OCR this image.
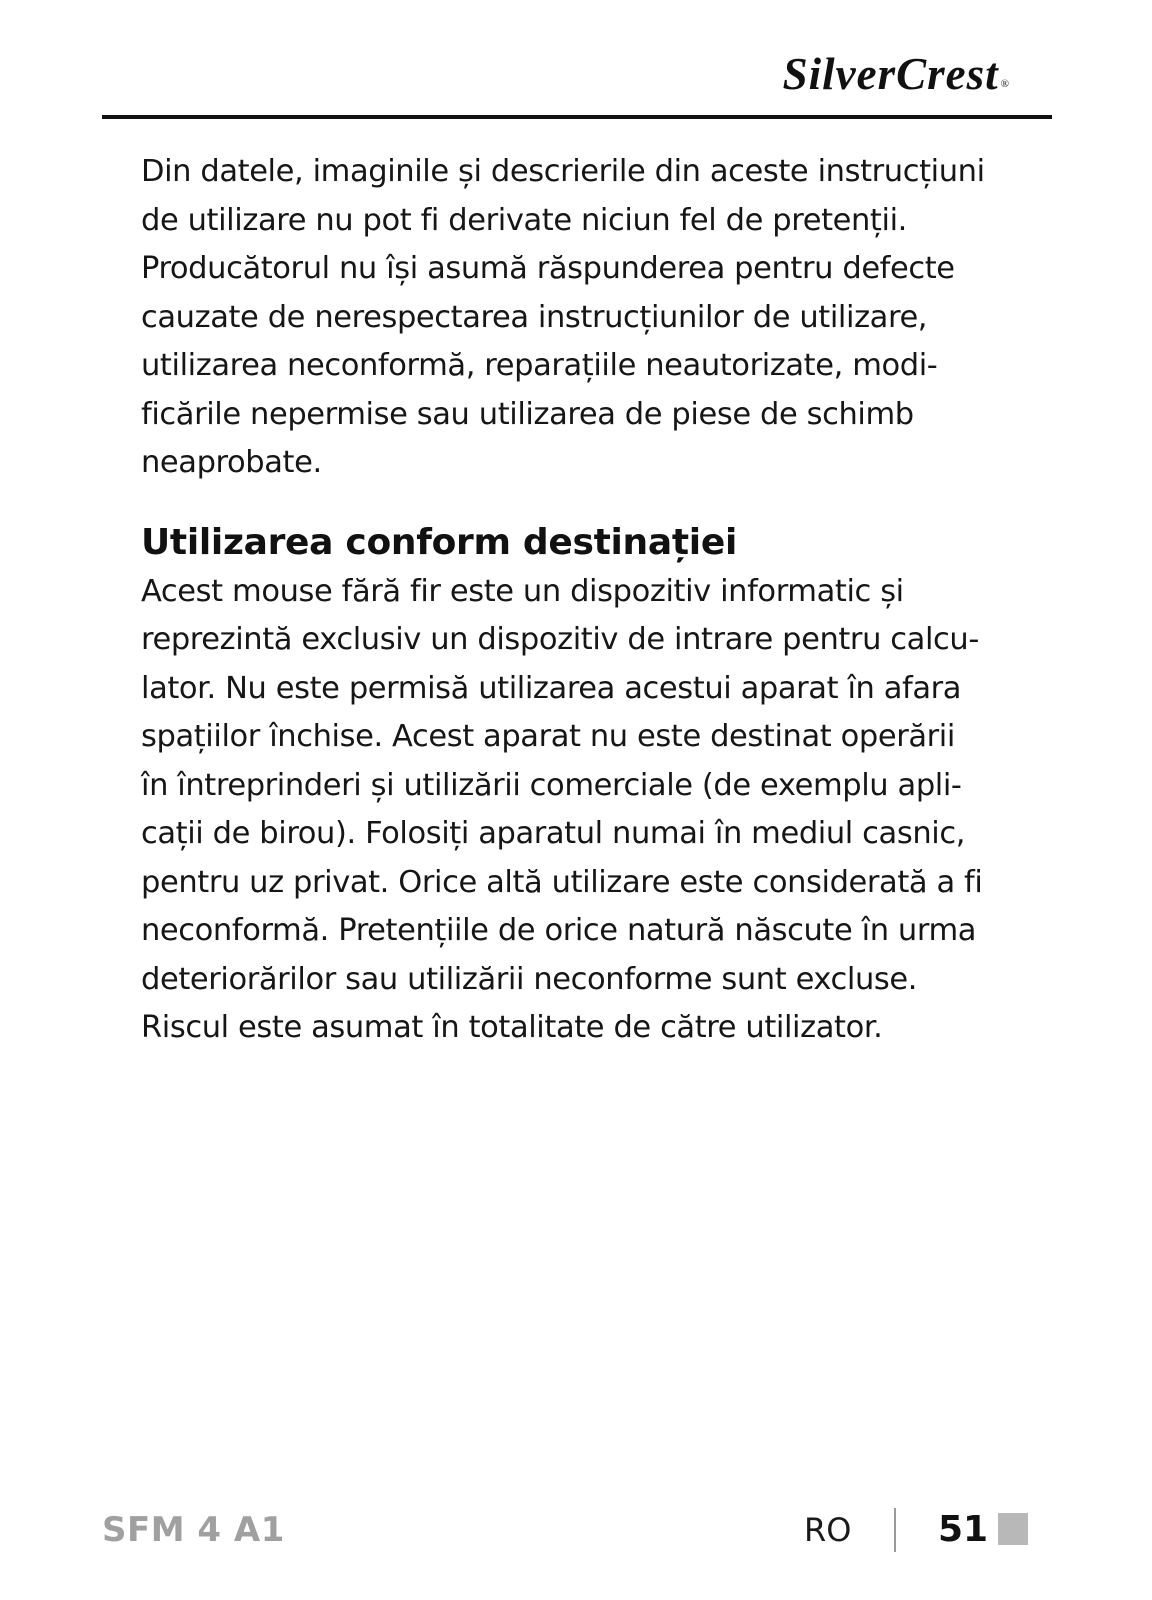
SilverCrest ®

Din datele, imaginile și descrierile din aceste instrucțiuni
de utilizare nu pot fi derivate niciun fel de pretenții.
Producătorul nu își asumă răspunderea pentru defecte
cauzate de nerespectarea instrucțiunilor de utilizare,
utilizarea neconformă, reparațiile neautorizate, modi-
ficările nepermise sau utilizarea de piese de schimb
neaprobate.

Utilizarea conform destinației

Acest mouse fără fir este un dispozitiv informatic și
reprezintă exclusiv un dispozitiv de intrare pentru calcu-
lator. Nu este permisă utilizarea acestui aparat în afara
spațiilor închise. Acest aparat nu este destinat operării
în întreprinderi și utilizării comerciale (de exemplu apli-
cații de birou). Folosiți aparatul numai în mediul casnic,
pentru uz privat. Orice altă utilizare este considerată a fi
neconformă. Pretențiile de orice natură născute în urma
deteriorărilor sau utilizării neconforme sunt excluse.
Riscul este asumat în totalitate de către utilizator.

SFM 4 A1	RO 51
